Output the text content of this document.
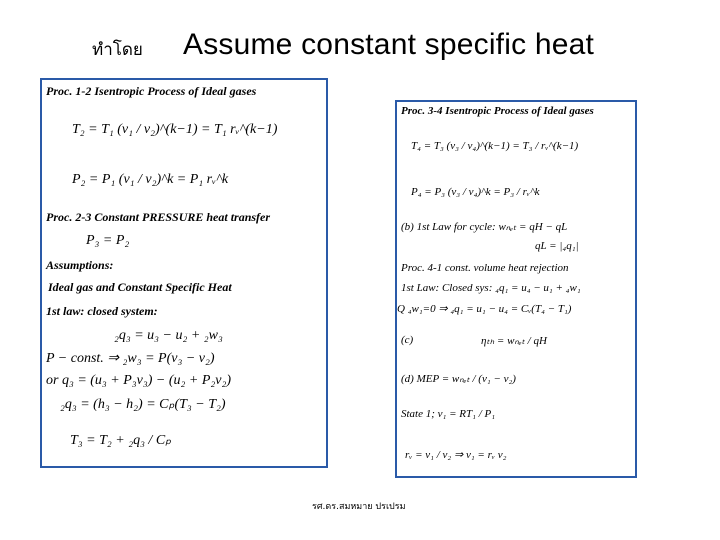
ทำโดย Assume constant specific heat
Proc. 1-2 Isentropic Process of Ideal gases
T₂ = T₁ (v₁ / v₂)^(k−1) = T₁ rᵥ^(k−1)
P₂ = P₁ (v₁ / v₂)^k = P₁ rᵥ^k
Proc. 2-3 Constant PRESSURE heat transfer
P₃ = P₂
Assumptions:
Ideal gas and Constant Specific Heat
1st law: closed system:
₂q₃ = u₃ − u₂ + ₂w₃
P − const. ⇒ ₂w₃ = P(v₃ − v₂)
or q₃ = (u₃ + P₃v₃) − (u₂ + P₂v₂)
₂q₃ = (h₃ − h₂) = Cₚ(T₃ − T₂)
T₃ = T₂ + ₂q₃ / Cₚ
Proc. 3-4 Isentropic Process of Ideal gases
T₄ = T₃ (v₃ / v₄)^(k−1) = T₃ / rᵥ^(k−1)
P₄ = P₃ (v₃ / v₄)^k = P₃ / rᵥ^k
(b) 1st Law for cycle: wₙₑₜ = qH − qL
qL = |₄q₁|
Proc. 4-1 const. volume heat rejection
1st Law: Closed sys: ₄q₁ = u₄ − u₁ + ₄w₁
Q ₄w₁=0 ⇒ ₄q₁ = u₁ − u₄ = Cᵥ(T₄ − T₁)
(c)	ηₜₕ = wₙₑₜ / qH
(d) MEP = wₙₑₜ / (v₁ − v₂)
State 1; v₁ = RT₁ / P₁
rᵥ = v₁ / v₂ ⇒ v₁ = rᵥ v₂
รศ.ดร.สมหมาย ปรเปรม
